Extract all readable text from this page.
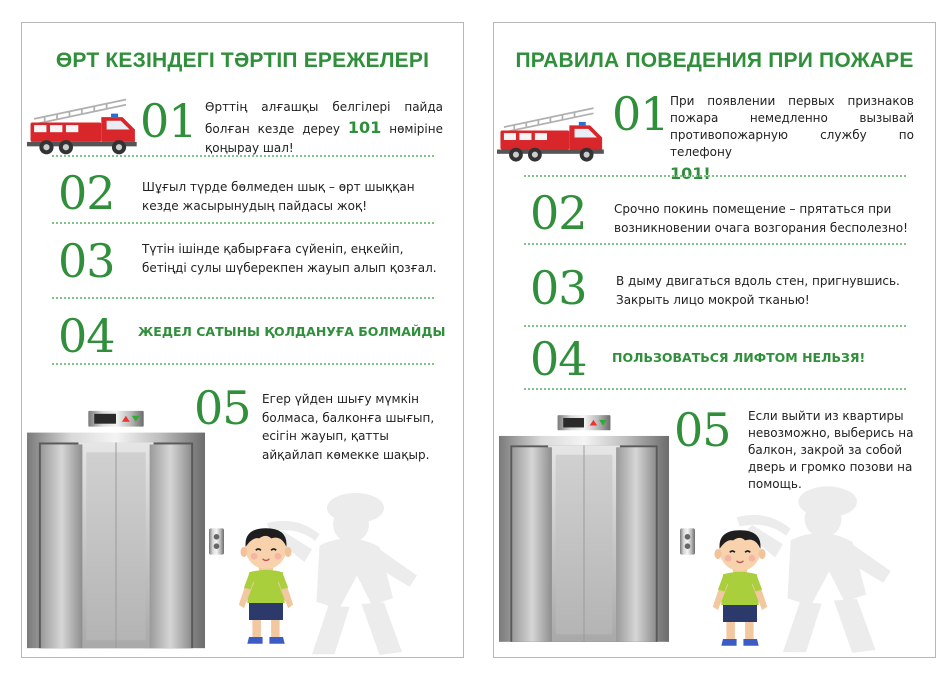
ӨРТ КЕЗІНДЕГІ ТӘРТІП ЕРЕЖЕЛЕРІ
01 Өрттің алғашқы белгілері пайда болған кезде дереу 101 нөміріне қоңырау шал!
02 Шұғыл түрде бөлмеден шық – өрт шыққан кезде жасырынудың пайдасы жоқ!
03 Түтін ішінде қабырғаға сүйеніп, еңкейіп, бетіңді сулы шүберекпен жауып алып қозғал.
04 ЖЕДЕЛ САТЫНЫ ҚОЛДАНУҒА БОЛМАЙДЫ
05 Егер үйден шығу мүмкін болмаса, балконға шығып, есігін жауып, қатты айқайлап көмекке шақыр.
ПРАВИЛА ПОВЕДЕНИЯ ПРИ ПОЖАРЕ
01 При появлении первых признаков пожара немедленно вызывай противопожарную службу по телефону
101!
02 Срочно покинь помещение – прятаться при возникновении очага возгорания бесполезно!
03 В дыму двигаться вдоль стен, пригнувшись. Закрыть лицо мокрой тканью!
04 ПОЛЬЗОВАТЬСЯ ЛИФТОМ НЕЛЬЗЯ!
05 Если выйти из квартиры невозможно, выберись на балкон, закрой за собой дверь и громко позови на помощь.
